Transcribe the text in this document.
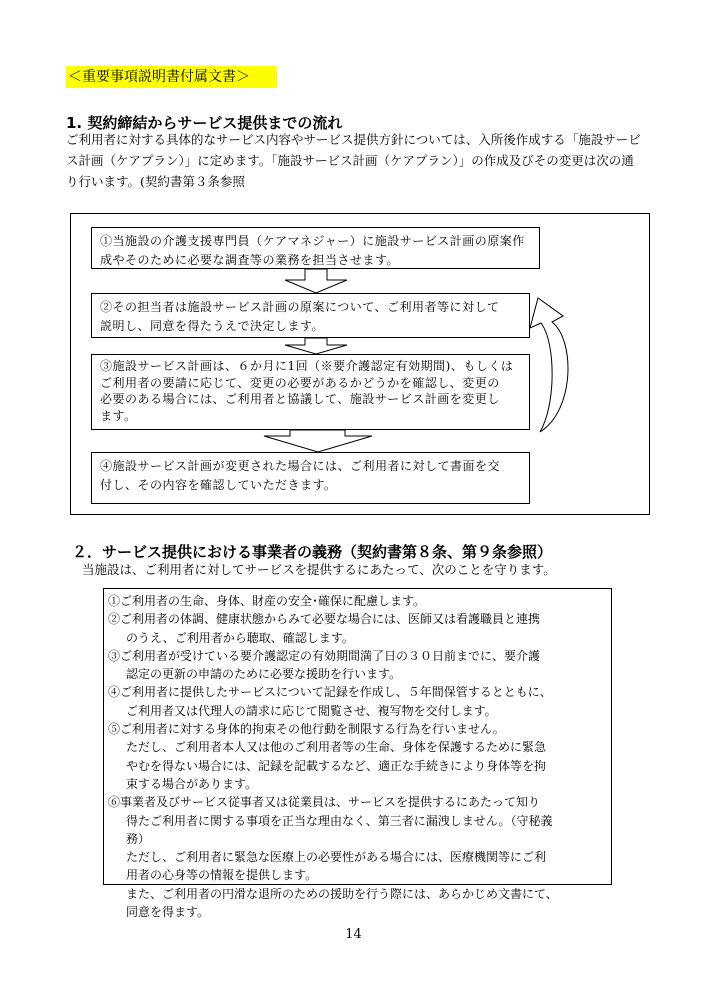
＜重要事項説明書付属文書＞
1. 契約締結からサービス提供までの流れ
ご利用者に対する具体的なサービス内容やサービス提供方針については、入所後作成する「施設サービ
ス計画（ケアプラン）」に定めます。「施設サービス計画（ケアプラン）」の作成及びその変更は次の通
り行います。(契約書第３条参照
①当施設の介護支援専門員（ケアマネジャー）に施設サービス計画の原案作
成やそのために必要な調査等の業務を担当させます。
②その担当者は施設サービス計画の原案について、ご利用者等に対して
説明し、同意を得たうえで決定します。
③施設サービス計画は、６か月に1回（※要介護認定有効期間)、もしくは
ご利用者の要請に応じて、変更の必要があるかどうかを確認し、変更の
必要のある場合には、ご利用者と協議して、施設サービス計画を変更し
ます。
④施設サービス計画が変更された場合には、ご利用者に対して書面を交
付し、その内容を確認していただきます。
２．サービス提供における事業者の義務（契約書第８条、第９条参照）
当施設は、ご利用者に対してサービスを提供するにあたって、次のことを守ります。
①ご利用者の生命、身体、財産の安全･確保に配慮します。
②ご利用者の体調、健康状態からみて必要な場合には、医師又は看護職員と連携
のうえ、ご利用者から聴取、確認します。
③ご利用者が受けている要介護認定の有効期間満了日の３０日前までに、要介護
認定の更新の申請のために必要な援助を行います。
④ご利用者に提供したサービスについて記録を作成し、５年間保管するとともに、
ご利用者又は代理人の請求に応じて閲覧させ、複写物を交付します。
⑤ご利用者に対する身体的拘束その他行動を制限する行為を行いません。
ただし、ご利用者本人又は他のご利用者等の生命、身体を保護するために緊急
やむを得ない場合には、記録を記載するなど、適正な手続きにより身体等を拘
束する場合があります。
⑥事業者及びサービス従事者又は従業員は、サービスを提供するにあたって知り
得たご利用者に関する事項を正当な理由なく、第三者に漏洩しません。（守秘義
務）
ただし、ご利用者に緊急な医療上の必要性がある場合には、医療機関等にご利
用者の心身等の情報を提供します。
また、ご利用者の円滑な退所のための援助を行う際には、あらかじめ文書にて、
同意を得ます。
14
